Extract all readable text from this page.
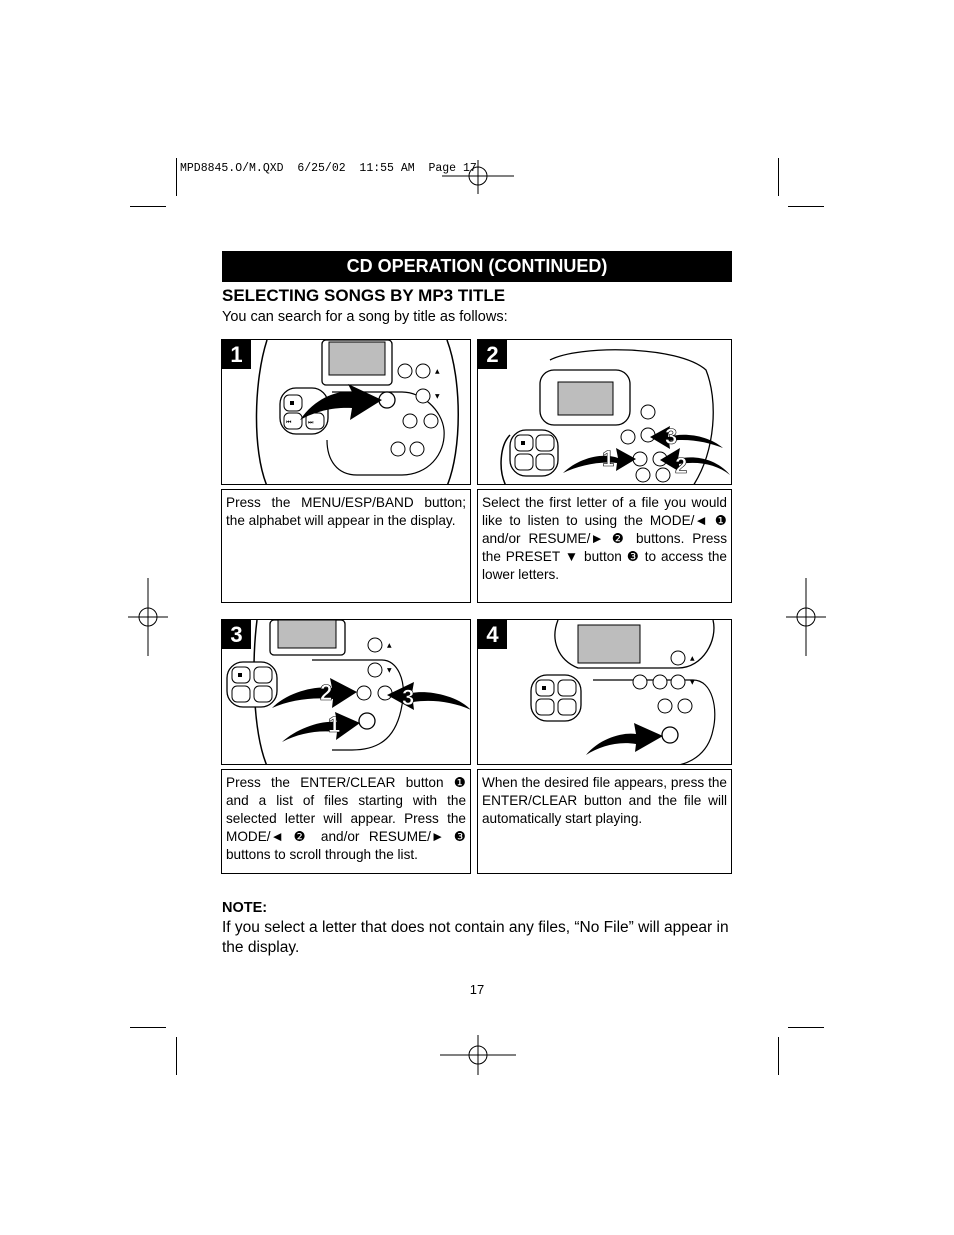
MPD8845.O/M.QXD  6/25/02  11:55 AM  Page 17
CD OPERATION (CONTINUED)
SELECTING SONGS BY MP3 TITLE
You can search for a song by title as follows:
1
⏮	⏭
▲
▼
2
1	2
3
Press the MENU/ESP/BAND button; the alphabet will appear in the display.
Select the first letter of a file you would like to listen to using the MODE/◄ ❶ and/or RESUME/► ❷ buttons. Press the PRESET ▼ button ❸ to access the lower letters.
3	▲
▼
2
1
3
4
▲
▼
Press the ENTER/CLEAR button ❶ and a list of files starting with the selected letter will appear. Press the MODE/◄ ❷ and/or RESUME/► ❸ buttons to scroll through the list.
When the desired file appears, press the ENTER/CLEAR button and the file will automatically start playing.
NOTE:
If you select a letter that does not contain any files, “No File” will appear in the display.
17
